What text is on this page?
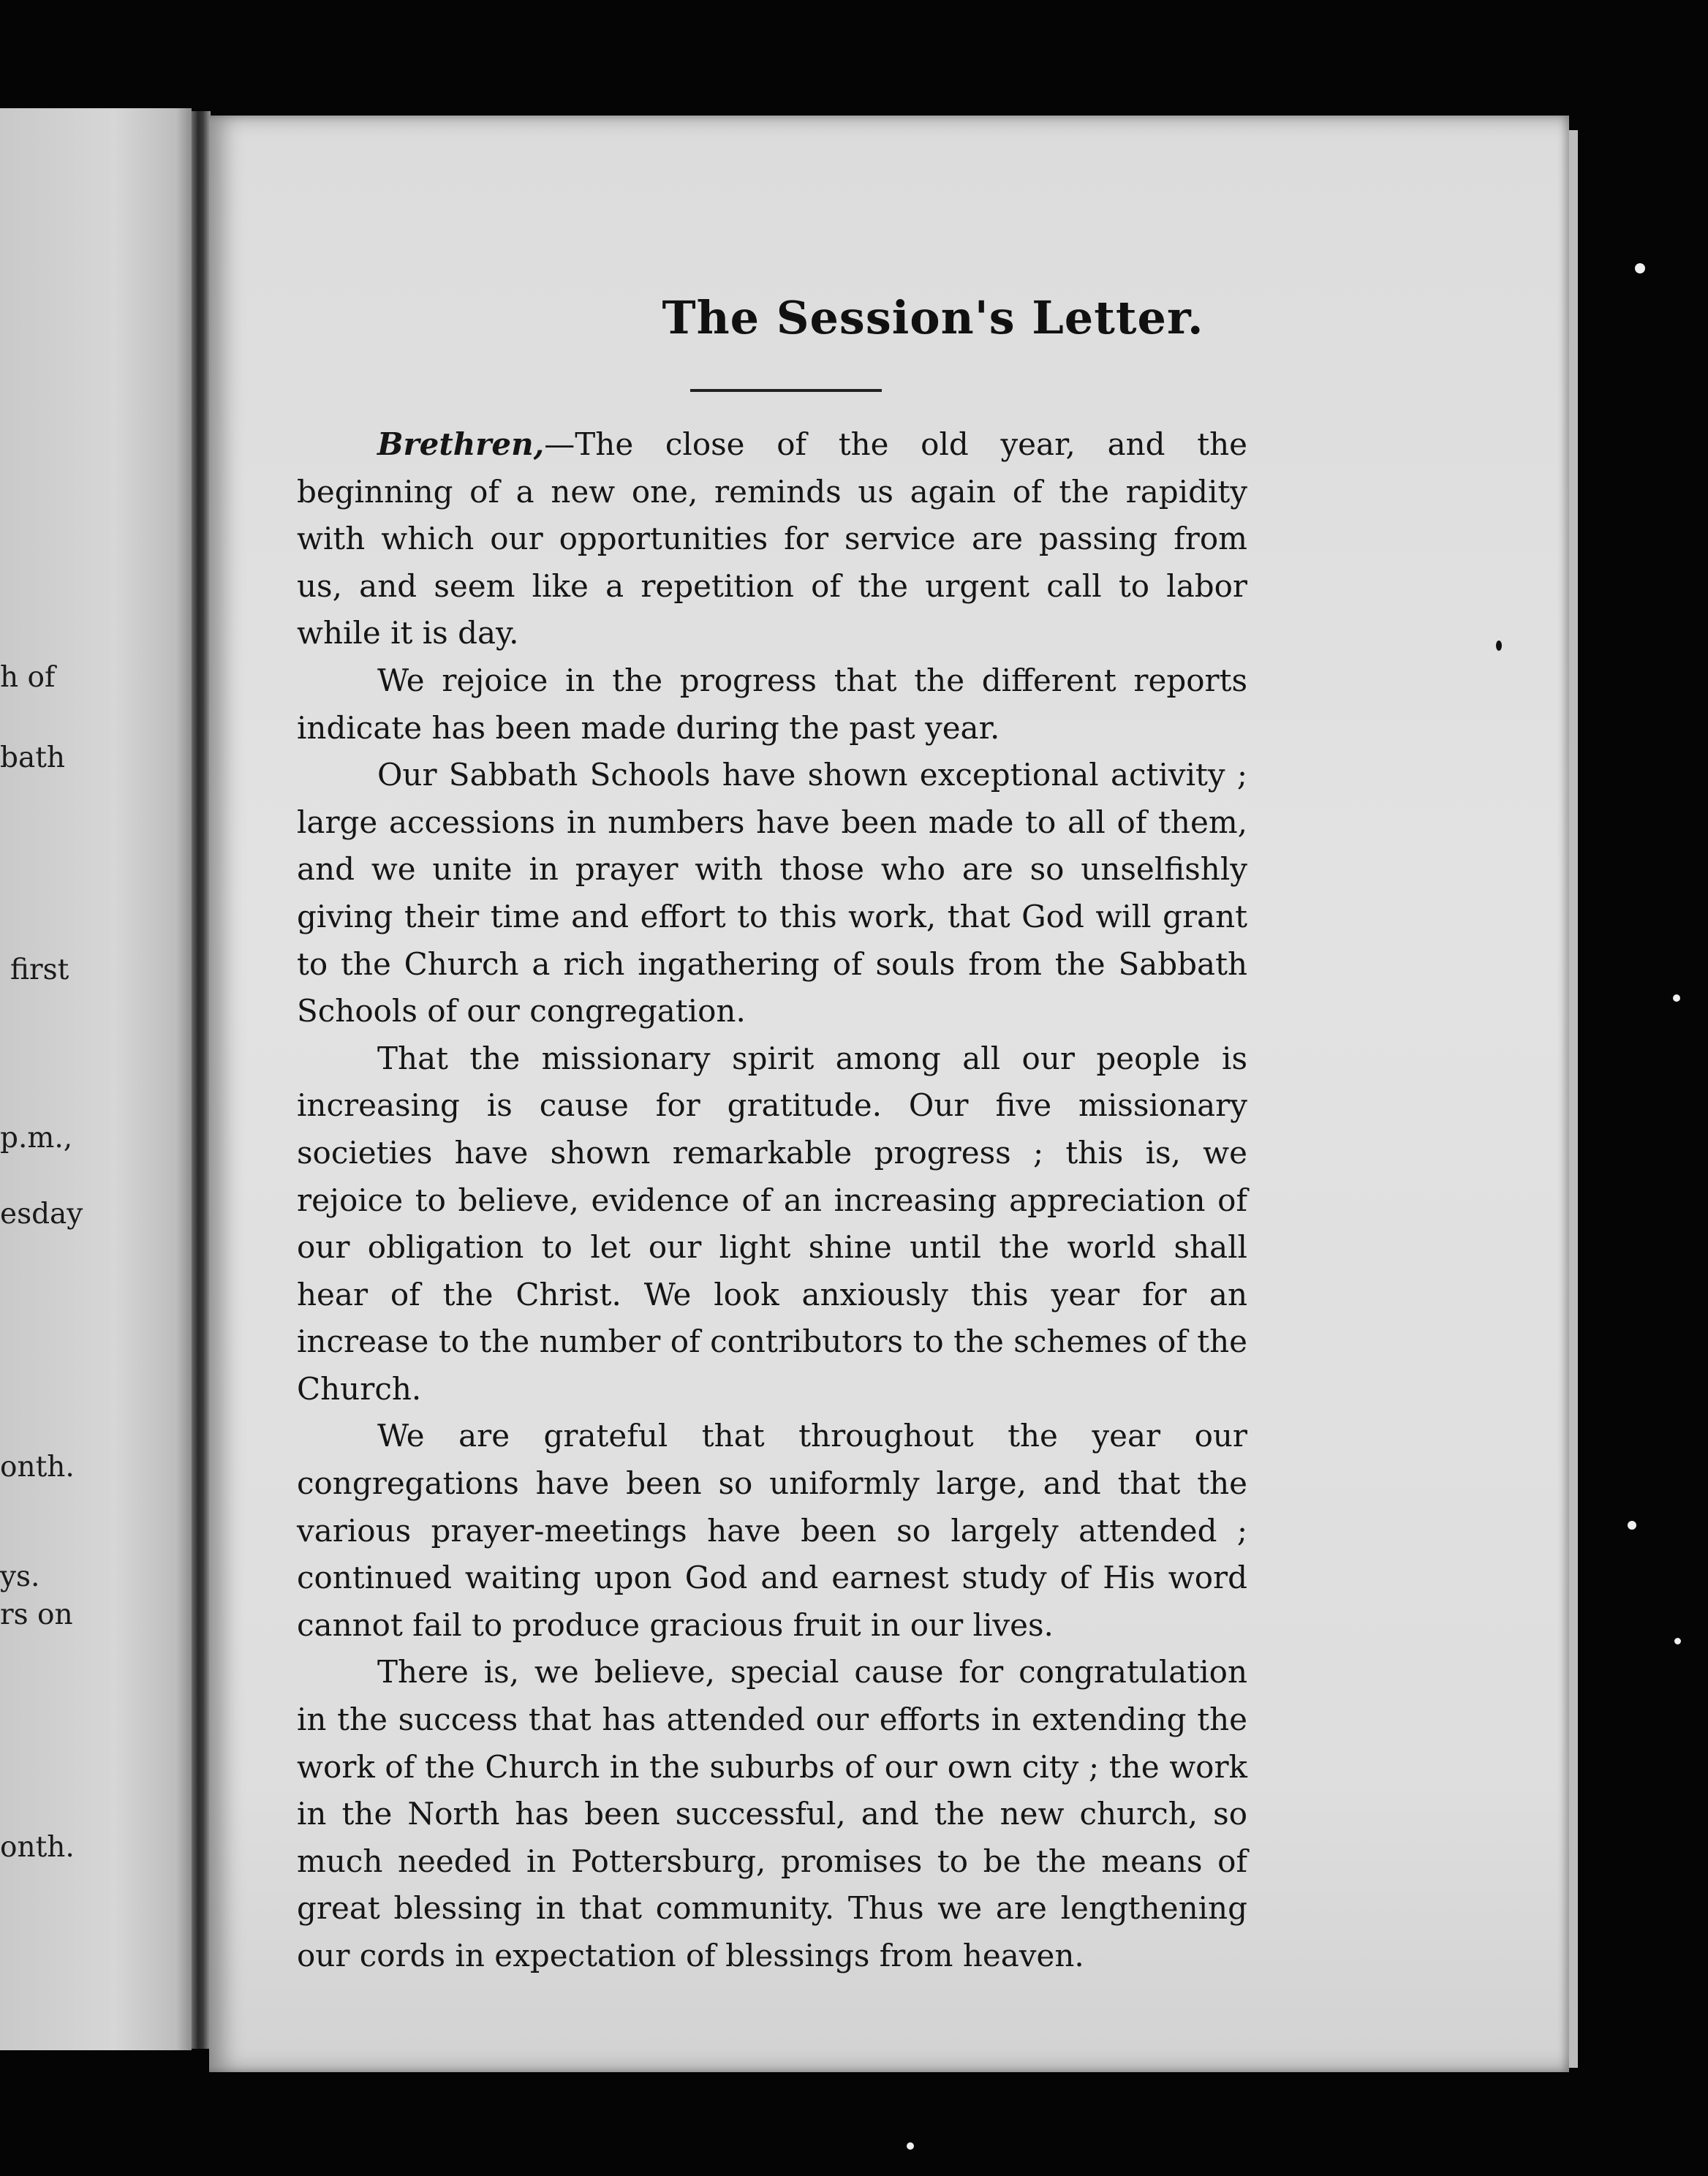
h of
bath
first
p.m.,
esday
onth.
ys.
rs on
onth.
The Session's Letter.

Brethren,—The close of the old year, and the beginning of a new one, reminds us again of the rapidity with which our opportunities for service are passing from us, and seem like a repetition of the urgent call to labor while it is day.

We rejoice in the progress that the different reports indicate has been made during the past year.

Our Sabbath Schools have shown exceptional activity ; large accessions in numbers have been made to all of them, and we unite in prayer with those who are so unselfishly giving their time and effort to this work, that God will grant to the Church a rich ingathering of souls from the Sabbath Schools of our congregation.

That the missionary spirit among all our people is increasing is cause for gratitude. Our five missionary societies have shown remarkable progress ; this is, we rejoice to believe, evidence of an increasing appreciation of our obligation to let our light shine until the world shall hear of the Christ. We look anxiously this year for an increase to the number of contributors to the schemes of the Church.

We are grateful that throughout the year our congregations have been so uniformly large, and that the various prayer-meetings have been so largely attended ; continued waiting upon God and earnest study of His word cannot fail to produce gracious fruit in our lives.

There is, we believe, special cause for congratulation in the success that has attended our efforts in extending the work of the Church in the suburbs of our own city ; the work in the North has been successful, and the new church, so much needed in Pottersburg, promises to be the means of great blessing in that community. Thus we are lengthening our cords in expectation of blessings from heaven.
